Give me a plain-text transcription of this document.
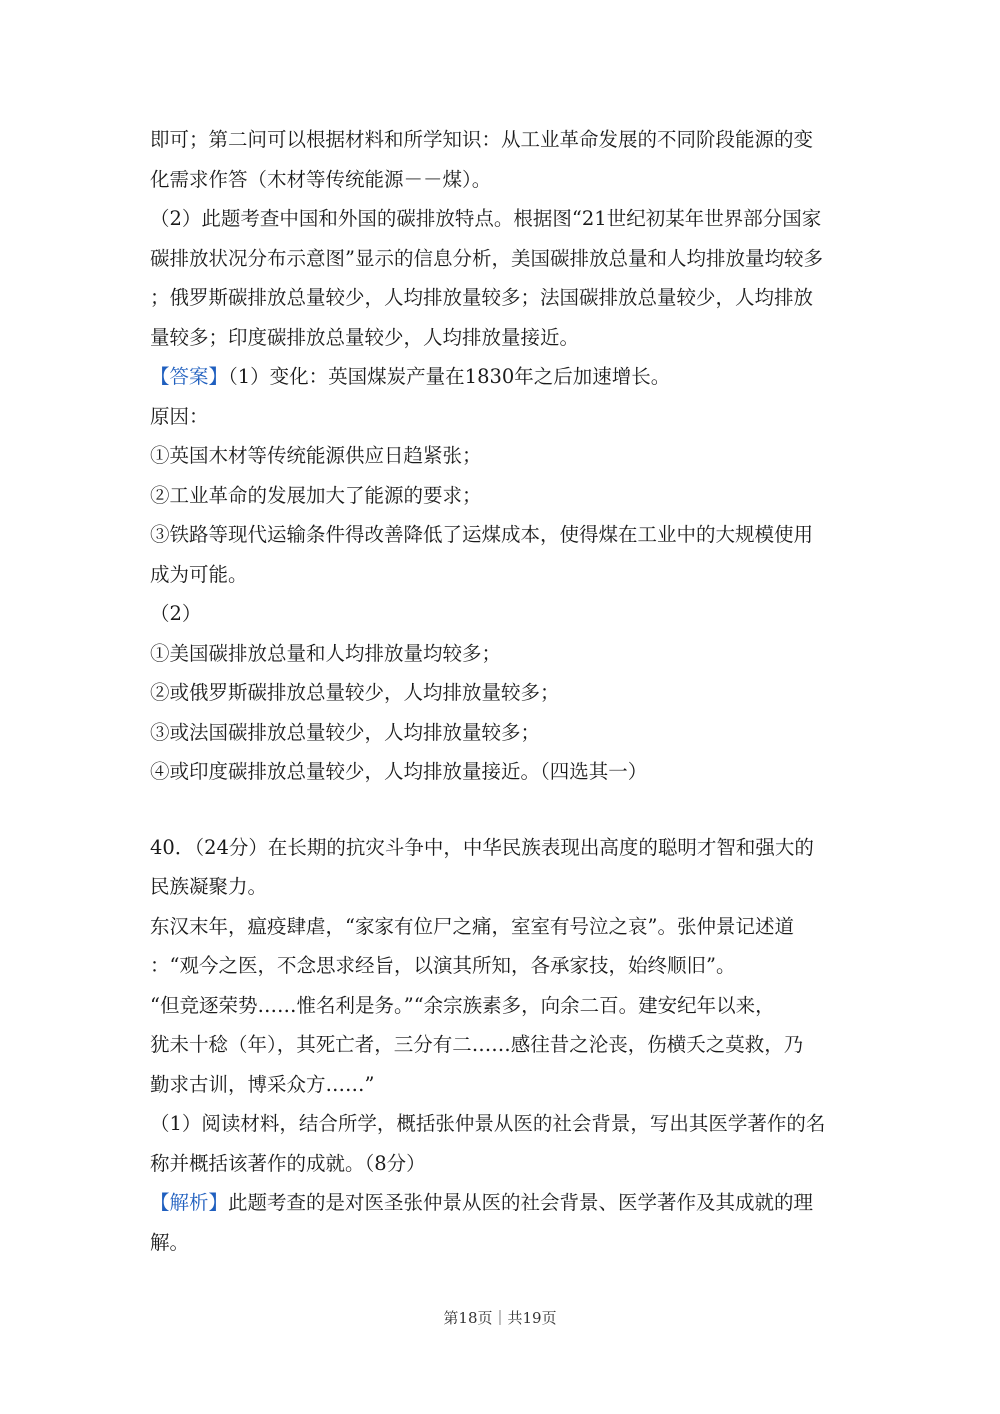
即可；第二问可以根据材料和所学知识：从工业革命发展的不同阶段能源的变
化需求作答（木材等传统能源－－煤）。
（2）此题考查中国和外国的碳排放特点。根据图“21世纪初某年世界部分国家
碳排放状况分布示意图”显示的信息分析，美国碳排放总量和人均排放量均较多
；俄罗斯碳排放总量较少，人均排放量较多；法国碳排放总量较少，人均排放
量较多；印度碳排放总量较少，人均排放量接近。
【答案】（1）变化：英国煤炭产量在1830年之后加速增长。
原因：
①英国木材等传统能源供应日趋紧张；
②工业革命的发展加大了能源的要求；
③铁路等现代运输条件得改善降低了运煤成本，使得煤在工业中的大规模使用
成为可能。
（2）
①美国碳排放总量和人均排放量均较多；
②或俄罗斯碳排放总量较少，人均排放量较多；
③或法国碳排放总量较少，人均排放量较多；
④或印度碳排放总量较少，人均排放量接近。（四选其一）
40．（24分）在长期的抗灾斗争中，中华民族表现出高度的聪明才智和强大的
民族凝聚力。
东汉末年，瘟疫肆虐，“家家有位尸之痛，室室有号泣之哀”。张仲景记述道
：“观今之医，不念思求经旨，以演其所知，各承家技，始终顺旧”。
“但竞逐荣势……惟名利是务。”“余宗族素多，向余二百。建安纪年以来，
犹未十稔（年），其死亡者，三分有二……感往昔之沦丧，伤横夭之莫救，乃
勤求古训，博采众方……”
（1）阅读材料，结合所学，概括张仲景从医的社会背景，写出其医学著作的名
称并概括该著作的成就。（8分）
【解析】此题考查的是对医圣张仲景从医的社会背景、医学著作及其成就的理
解。
第18页｜共19页
